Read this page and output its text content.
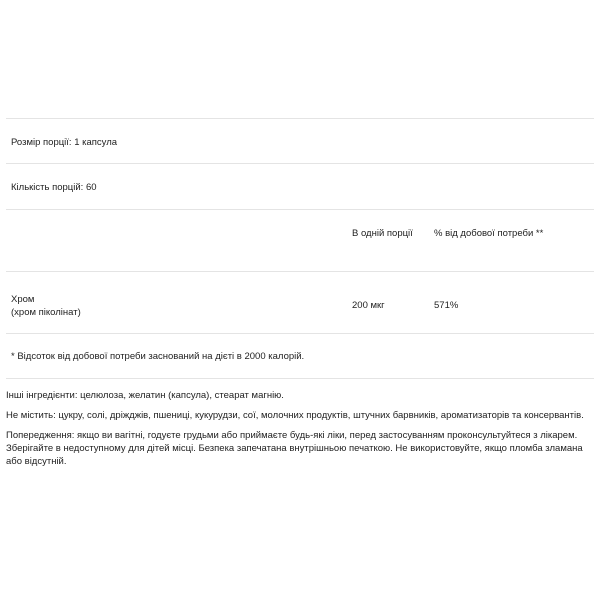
Розмір порції: 1 капсула
Кількість порцій: 60
В одній порції % від добової потреби **
Хром
(хром піколінат)
200 мкг	571%
* Відсоток від добової потреби заснований на дієті в 2000 калорій.

Інші інгредієнти: целюлоза, желатин (капсула), стеарат магнію.

Не містить: цукру, солі, дріжджів, пшениці, кукурудзи, сої, молочних продуктів, штучних барвників, ароматизаторів та консервантів.

Попередження: якщо ви вагітні, годуєте грудьми або приймаєте будь-які ліки, перед застосуванням проконсультуйтеся з лікарем. Зберігайте в недоступному для дітей місці. Безпека запечатана внутрішньою печаткою. Не використовуйте, якщо пломба зламана або відсутній.
